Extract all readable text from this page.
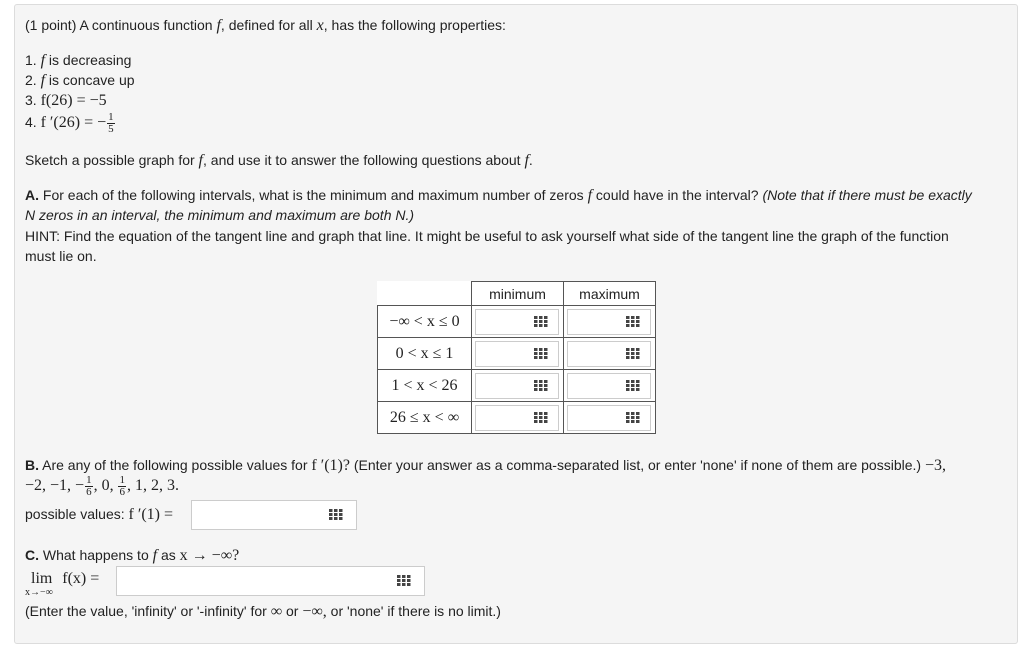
(1 point) A continuous function f, defined for all x, has the following properties:
1. f is decreasing
2. f is concave up
3. f(26) = −5
4. f ′(26) = − $\frac{1}{5}$
Sketch a possible graph for f, and use it to answer the following questions about f.
A. For each of the following intervals, what is the minimum and maximum number of zeros f could have in the interval? (Note that if there must be exactly
N zeros in an interval, the minimum and maximum are both N.)
HINT: Find the equation of the tangent line and graph that line. It might be useful to ask yourself what side of the tangent line the graph of the function
must lie on.
	minimum	maximum
−∞ < x ≤ 0	

0 < x ≤ 1	

1 < x < 26	

26 ≤ x < ∞	

B. Are any of the following possible values for f ′(1)? (Enter your answer as a comma-separated list, or enter 'none' if none of them are possible.) −3,
−2, −1, − $\frac{1}{6}$ , 0, $\frac{1}{6}$ , 1, 2, 3.
possible values: f ′(1) =
C. What happens to f as x → −∞?
lim f(x) =
x→−∞
(Enter the value, 'infinity' or '-infinity' for ∞ or −∞, or 'none' if there is no limit.)
